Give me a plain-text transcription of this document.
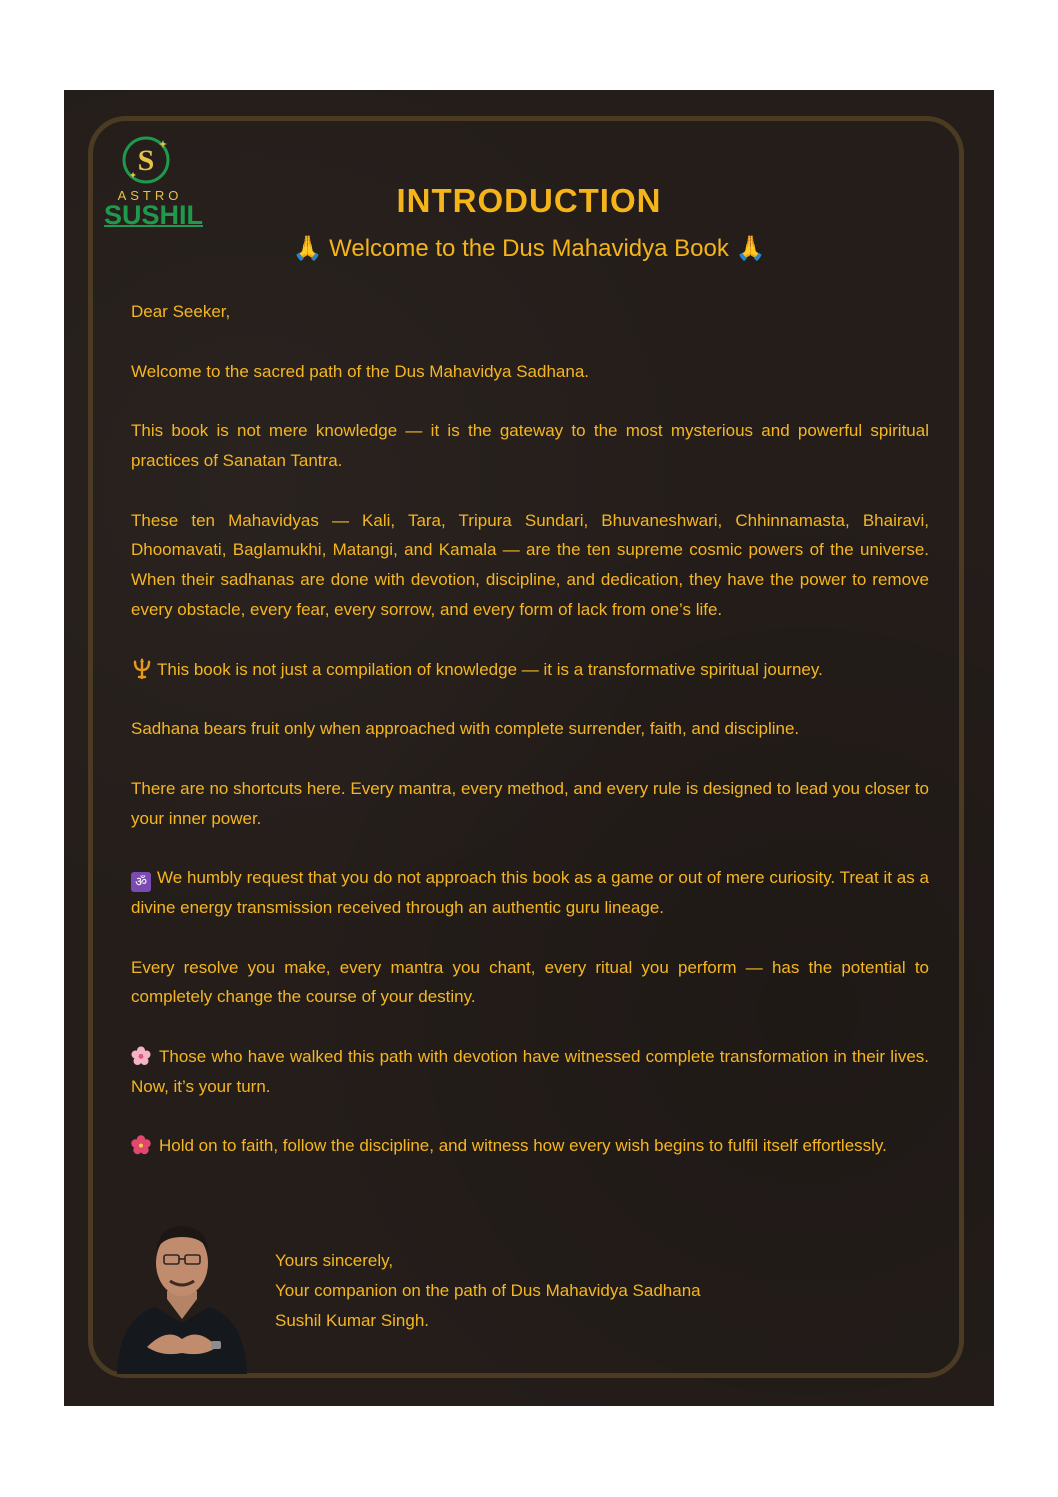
S
ASTRO
SUSHIL	INTRODUCTION
🙏 Welcome to the Dus Mahavidya Book 🙏

Dear Seeker,

Welcome to the sacred path of the Dus Mahavidya Sadhana.

This book is not mere knowledge — it is the gateway to the most mysterious and powerful spiritual practices of Sanatan Tantra.

These ten Mahavidyas — Kali, Tara, Tripura Sundari, Bhuvaneshwari, Chhinnamasta, Bhairavi, Dhoomavati, Baglamukhi, Matangi, and Kamala — are the ten supreme cosmic powers of the universe. When their sadhanas are done with devotion, discipline, and dedication, they have the power to remove every obstacle, every fear, every sorrow, and every form of lack from one’s life.

This book is not just a compilation of knowledge — it is a transformative spiritual journey.

Sadhana bears fruit only when approached with complete surrender, faith, and discipline.

There are no shortcuts here. Every mantra, every method, and every rule is designed to lead you closer to your inner power.

ॐ We humbly request that you do not approach this book as a game or out of mere curiosity. Treat it as a divine energy transmission received through an authentic guru lineage.

Every resolve you make, every mantra you chant, every ritual you perform — has the potential to completely change the course of your destiny.

Those who have walked this path with devotion have witnessed complete transformation in their lives. Now, it’s your turn.

Hold on to faith, follow the discipline, and witness how every wish begins to fulfil itself effortlessly.

Yours sincerely,
Your companion on the path of Dus Mahavidya Sadhana
Sushil Kumar Singh.
